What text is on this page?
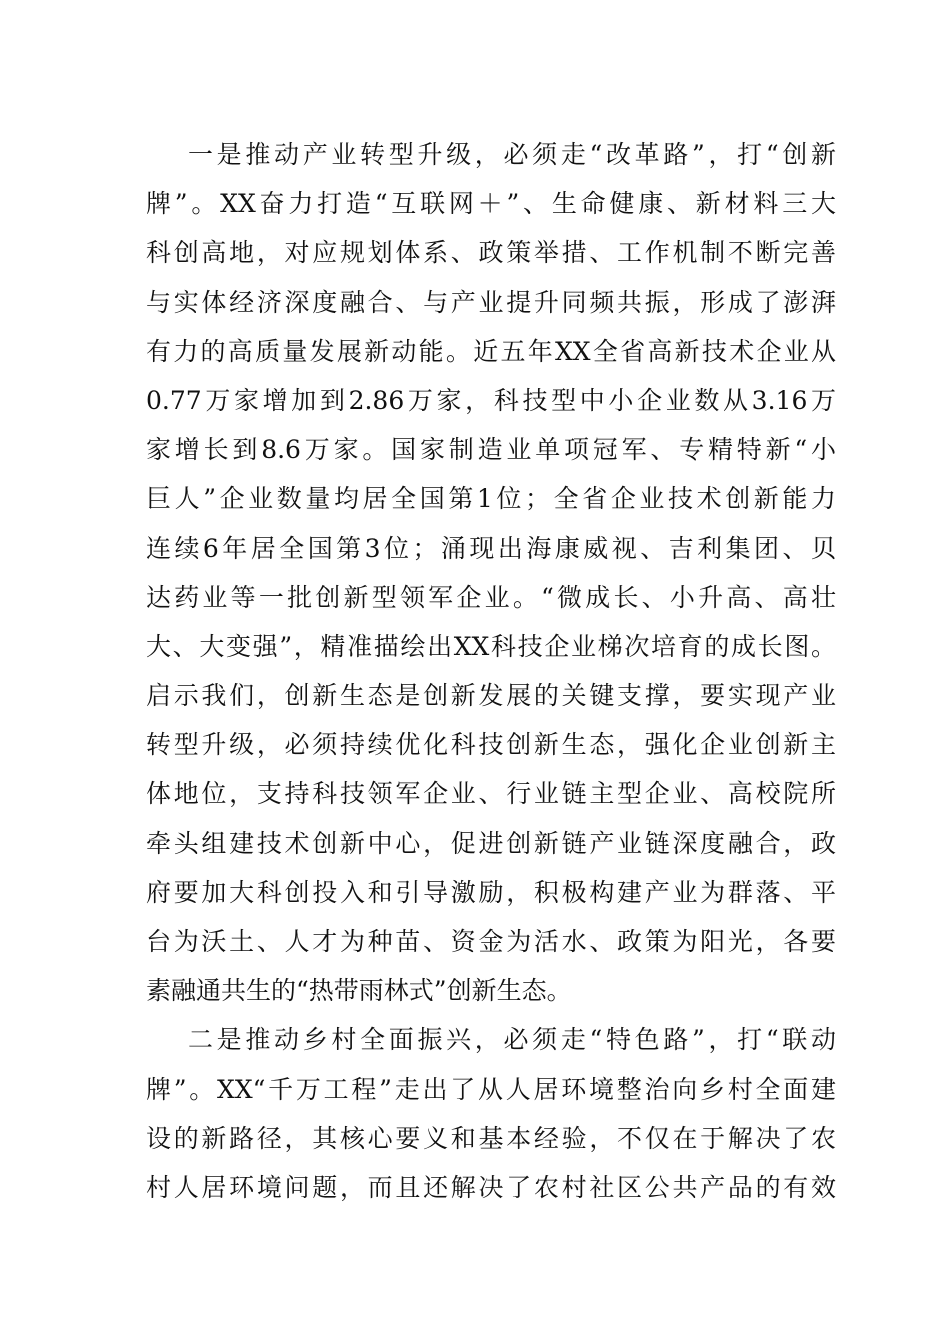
一是推动产业转型升级，必须走“改革路”，打“创新
牌”。XX奋力打造“互联网＋”、生命健康、新材料三大
科创高地，对应规划体系、政策举措、工作机制不断完善
与实体经济深度融合、与产业提升同频共振，形成了澎湃
有力的高质量发展新动能。近五年XX全省高新技术企业从
0.77万家增加到2.86万家，科技型中小企业数从3.16万
家增长到8.6万家。国家制造业单项冠军、专精特新“小
巨人”企业数量均居全国第1位；全省企业技术创新能力
连续6年居全国第3位；涌现出海康威视、吉利集团、贝
达药业等一批创新型领军企业。“微成长、小升高、高壮
大、大变强”，精准描绘出XX科技企业梯次培育的成长图。
启示我们，创新生态是创新发展的关键支撑，要实现产业
转型升级，必须持续优化科技创新生态，强化企业创新主
体地位，支持科技领军企业、行业链主型企业、高校院所
牵头组建技术创新中心，促进创新链产业链深度融合，政
府要加大科创投入和引导激励，积极构建产业为群落、平
台为沃土、人才为种苗、资金为活水、政策为阳光，各要
素融通共生的“热带雨林式”创新生态。
二是推动乡村全面振兴，必须走“特色路”，打“联动
牌”。XX“千万工程”走出了从人居环境整治向乡村全面建
设的新路径，其核心要义和基本经验，不仅在于解决了农
村人居环境问题，而且还解决了农村社区公共产品的有效
